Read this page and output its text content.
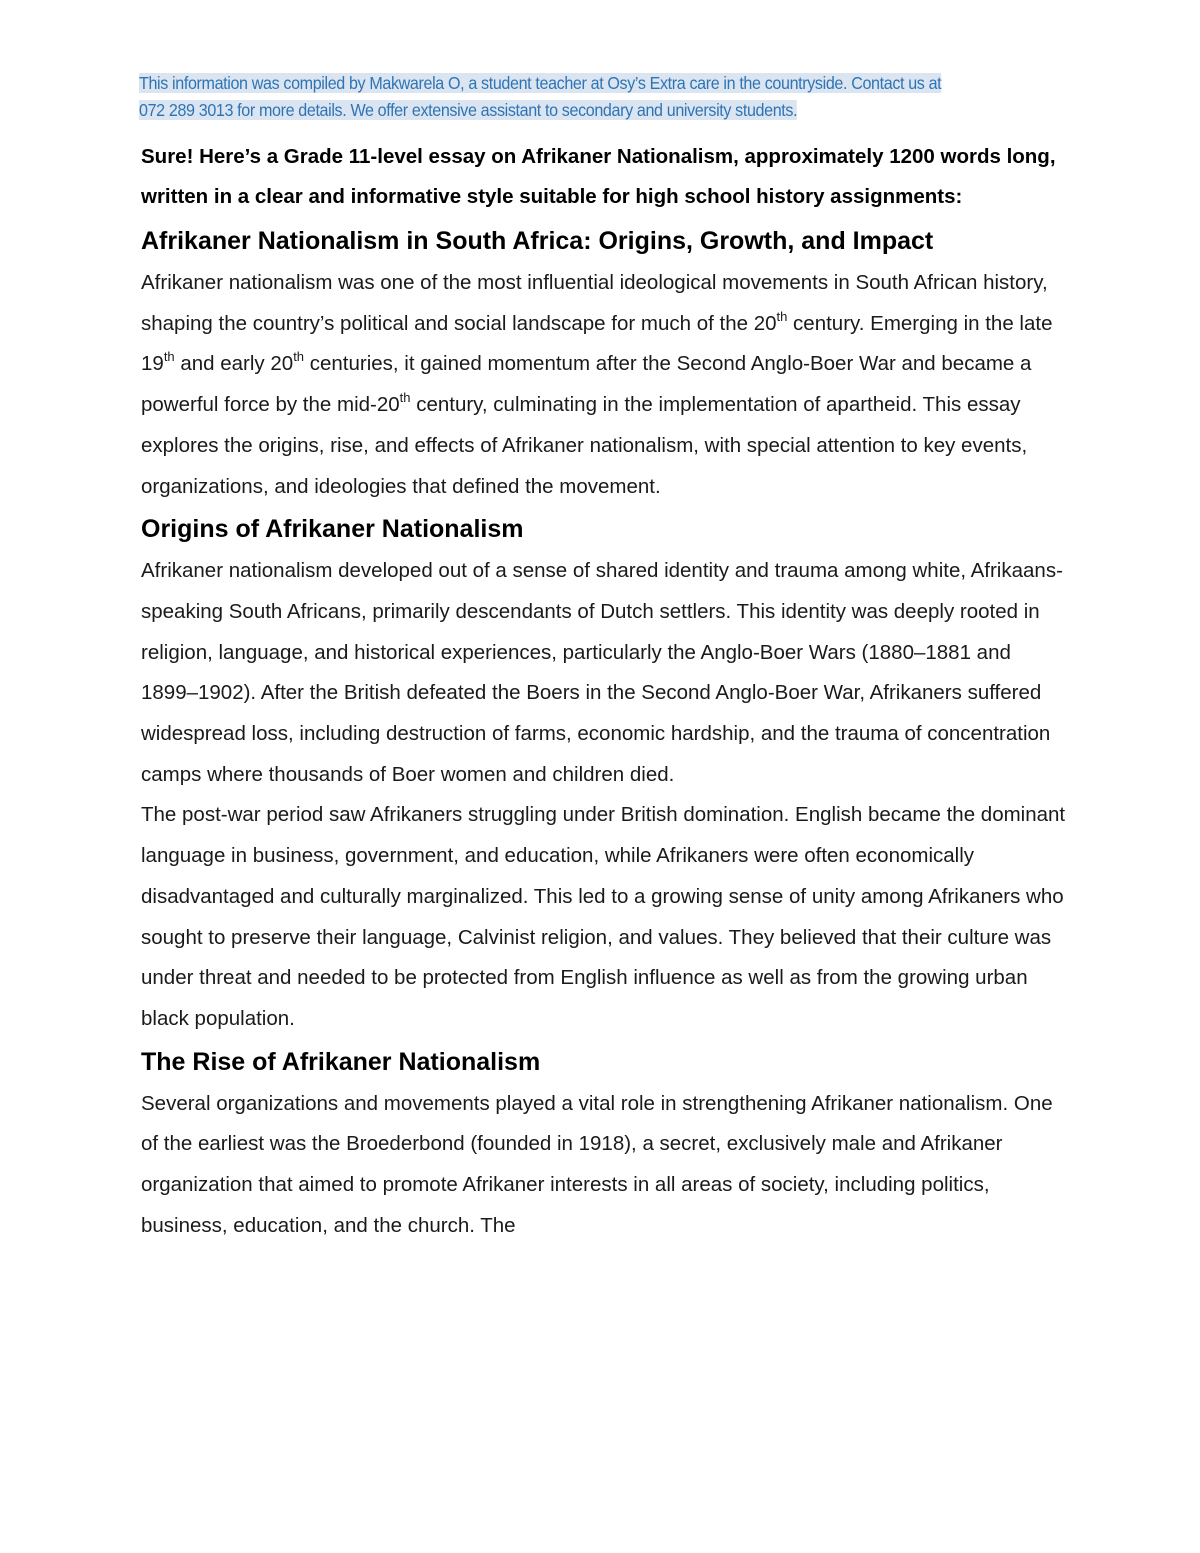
This information was compiled by Makwarela O, a student teacher at Osy’s Extra care in the countryside. Contact us at
072 289 3013 for more details. We offer extensive assistant to secondary and university students.

Sure! Here’s a Grade 11-level essay on Afrikaner Nationalism, approximately 1200 words long, written in a clear and informative style suitable for high school history assignments:

Afrikaner Nationalism in South Africa: Origins, Growth, and Impact

Afrikaner nationalism was one of the most influential ideological movements in South African history, shaping the country’s political and social landscape for much of the 20th century. Emerging in the late 19th and early 20th centuries, it gained momentum after the Second Anglo-Boer War and became a powerful force by the mid-20th century, culminating in the implementation of apartheid. This essay explores the origins, rise, and effects of Afrikaner nationalism, with special attention to key events, organizations, and ideologies that defined the movement.

Origins of Afrikaner Nationalism

Afrikaner nationalism developed out of a sense of shared identity and trauma among white, Afrikaans-speaking South Africans, primarily descendants of Dutch settlers. This identity was deeply rooted in religion, language, and historical experiences, particularly the Anglo-Boer Wars (1880–1881 and 1899–1902). After the British defeated the Boers in the Second Anglo-Boer War, Afrikaners suffered widespread loss, including destruction of farms, economic hardship, and the trauma of concentration camps where thousands of Boer women and children died.

The post-war period saw Afrikaners struggling under British domination. English became the dominant language in business, government, and education, while Afrikaners were often economically disadvantaged and culturally marginalized. This led to a growing sense of unity among Afrikaners who sought to preserve their language, Calvinist religion, and values. They believed that their culture was under threat and needed to be protected from English influence as well as from the growing urban black population.

The Rise of Afrikaner Nationalism

Several organizations and movements played a vital role in strengthening Afrikaner nationalism. One of the earliest was the Broederbond (founded in 1918), a secret, exclusively male and Afrikaner organization that aimed to promote Afrikaner interests in all areas of society, including politics, business, education, and the church. The
